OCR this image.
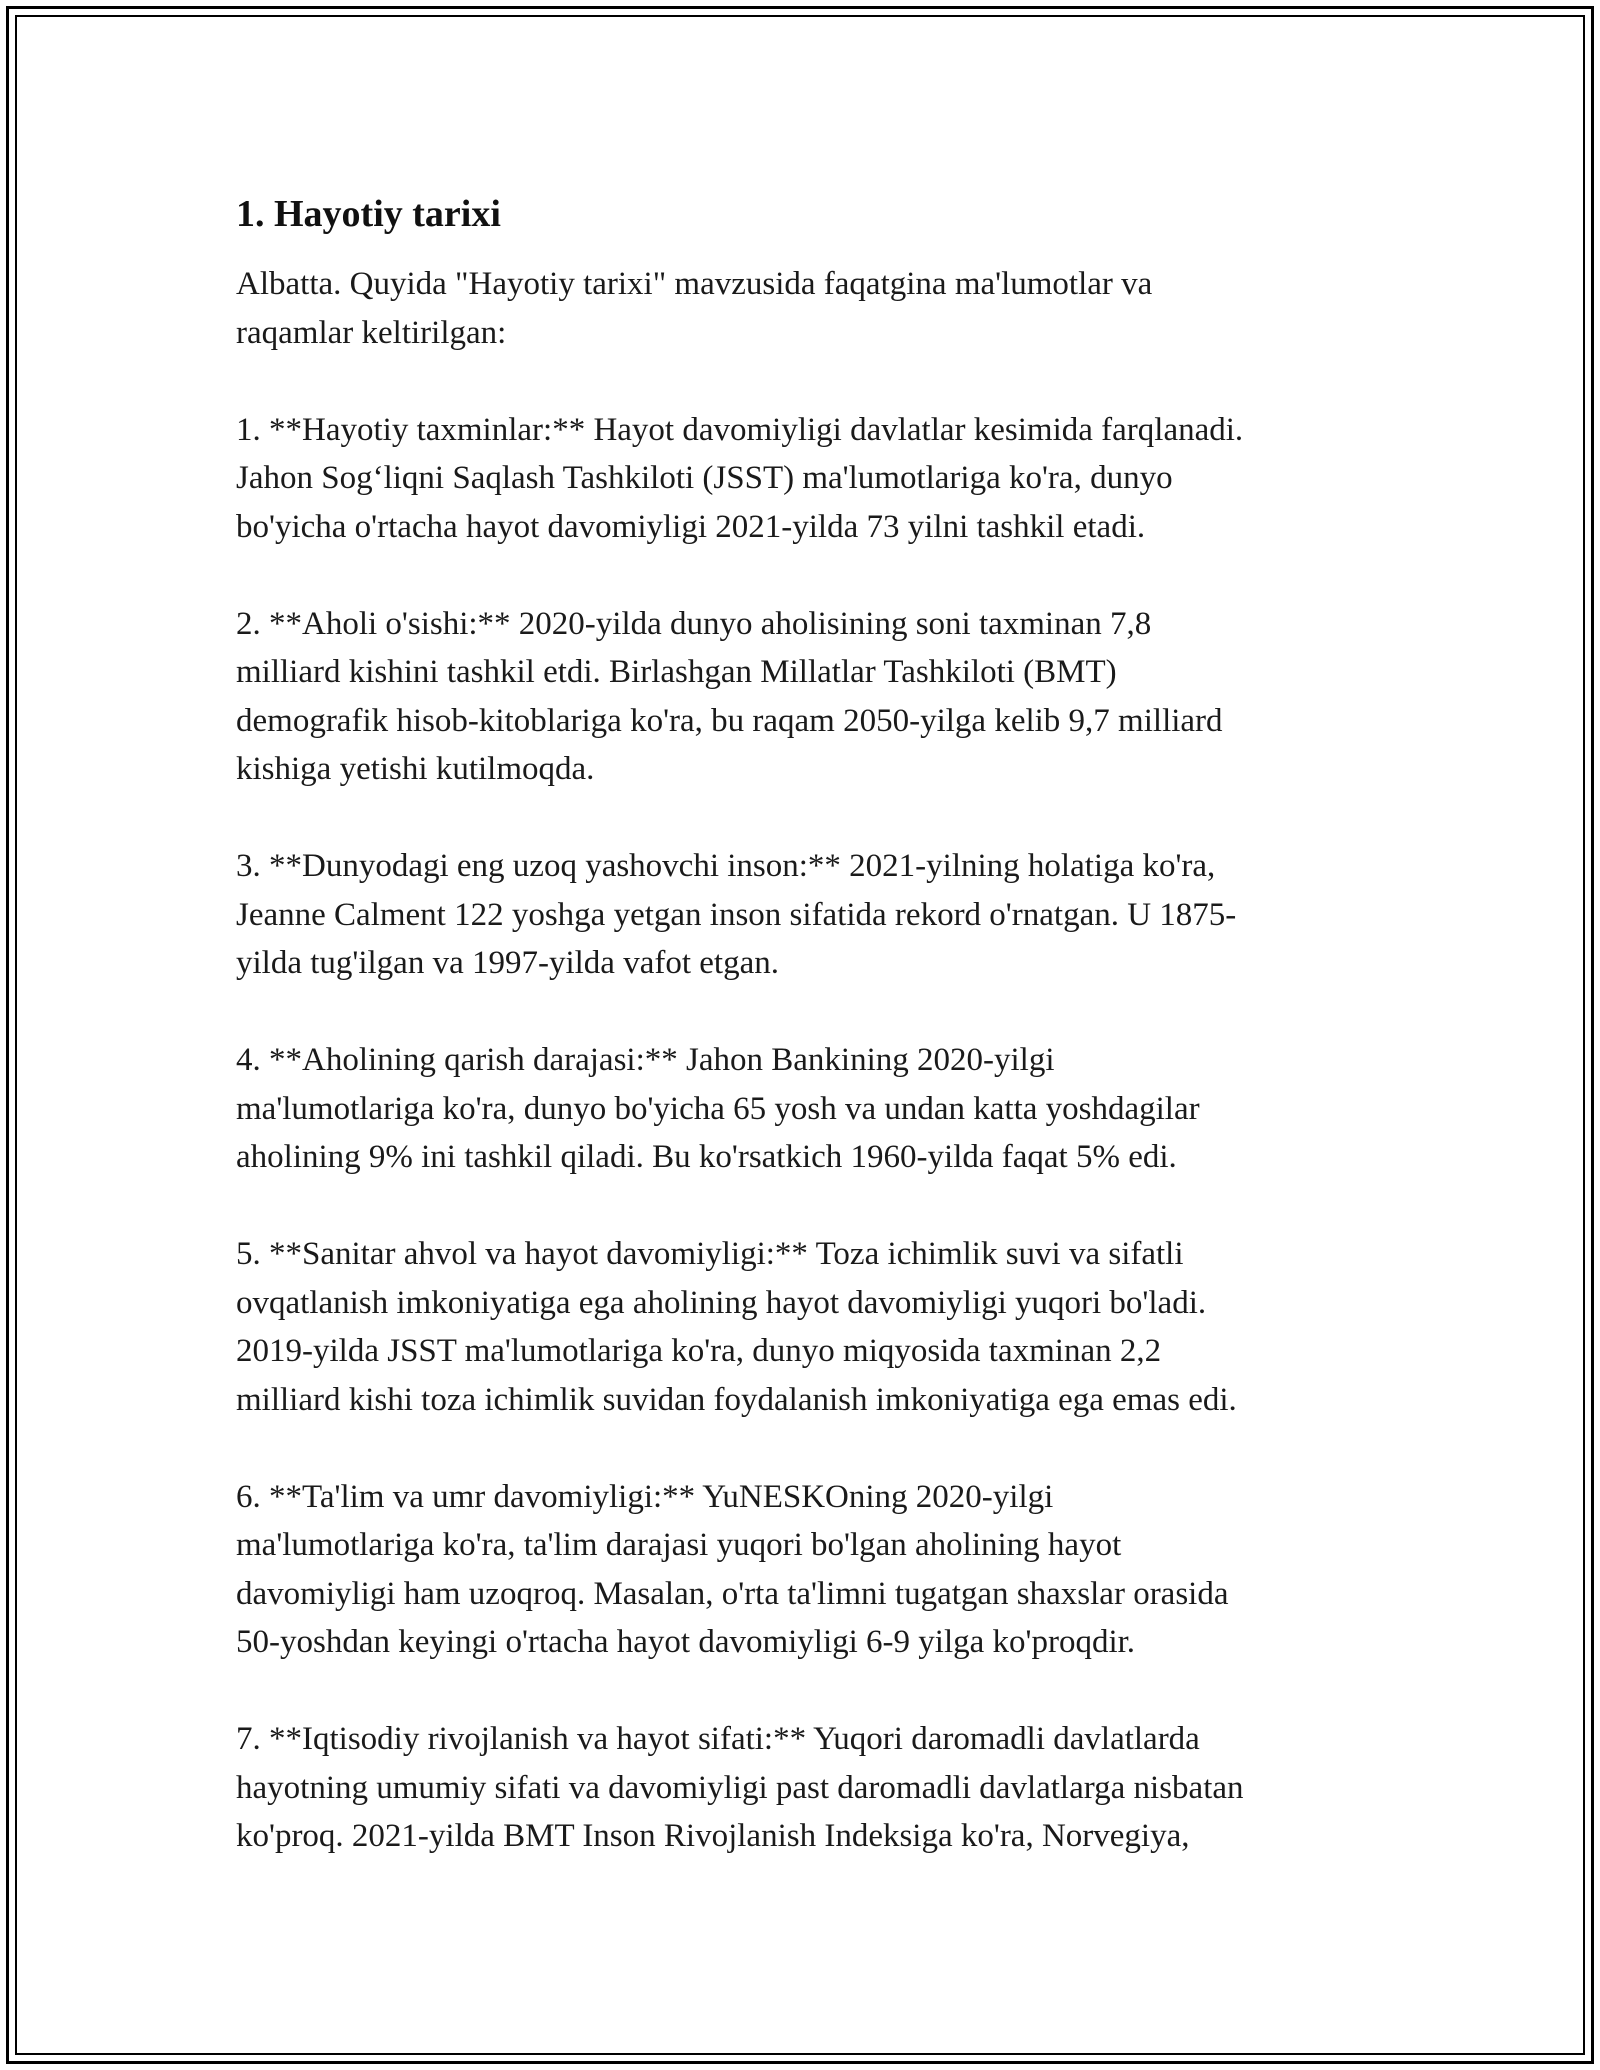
1. Hayotiy tarixi

Albatta. Quyida "Hayotiy tarixi" mavzusida faqatgina ma'lumotlar va
raqamlar keltirilgan:

1. **Hayotiy taxminlar:** Hayot davomiyligi davlatlar kesimida farqlanadi.
Jahon Sog‘liqni Saqlash Tashkiloti (JSST) ma'lumotlariga ko'ra, dunyo
bo'yicha o'rtacha hayot davomiyligi 2021-yilda 73 yilni tashkil etadi.

2. **Aholi o'sishi:** 2020-yilda dunyo aholisining soni taxminan 7,8
milliard kishini tashkil etdi. Birlashgan Millatlar Tashkiloti (BMT)
demografik hisob-kitoblariga ko'ra, bu raqam 2050-yilga kelib 9,7 milliard
kishiga yetishi kutilmoqda.

3. **Dunyodagi eng uzoq yashovchi inson:** 2021-yilning holatiga ko'ra,
Jeanne Calment 122 yoshga yetgan inson sifatida rekord o'rnatgan. U 1875-
yilda tug'ilgan va 1997-yilda vafot etgan.

4. **Aholining qarish darajasi:** Jahon Bankining 2020-yilgi
ma'lumotlariga ko'ra, dunyo bo'yicha 65 yosh va undan katta yoshdagilar
aholining 9% ini tashkil qiladi. Bu ko'rsatkich 1960-yilda faqat 5% edi.

5. **Sanitar ahvol va hayot davomiyligi:** Toza ichimlik suvi va sifatli
ovqatlanish imkoniyatiga ega aholining hayot davomiyligi yuqori bo'ladi.
2019-yilda JSST ma'lumotlariga ko'ra, dunyo miqyosida taxminan 2,2
milliard kishi toza ichimlik suvidan foydalanish imkoniyatiga ega emas edi.

6. **Ta'lim va umr davomiyligi:** YuNESKOning 2020-yilgi
ma'lumotlariga ko'ra, ta'lim darajasi yuqori bo'lgan aholining hayot
davomiyligi ham uzoqroq. Masalan, o'rta ta'limni tugatgan shaxslar orasida
50-yoshdan keyingi o'rtacha hayot davomiyligi 6-9 yilga ko'proqdir.

7. **Iqtisodiy rivojlanish va hayot sifati:** Yuqori daromadli davlatlarda
hayotning umumiy sifati va davomiyligi past daromadli davlatlarga nisbatan
ko'proq. 2021-yilda BMT Inson Rivojlanish Indeksiga ko'ra, Norvegiya,
